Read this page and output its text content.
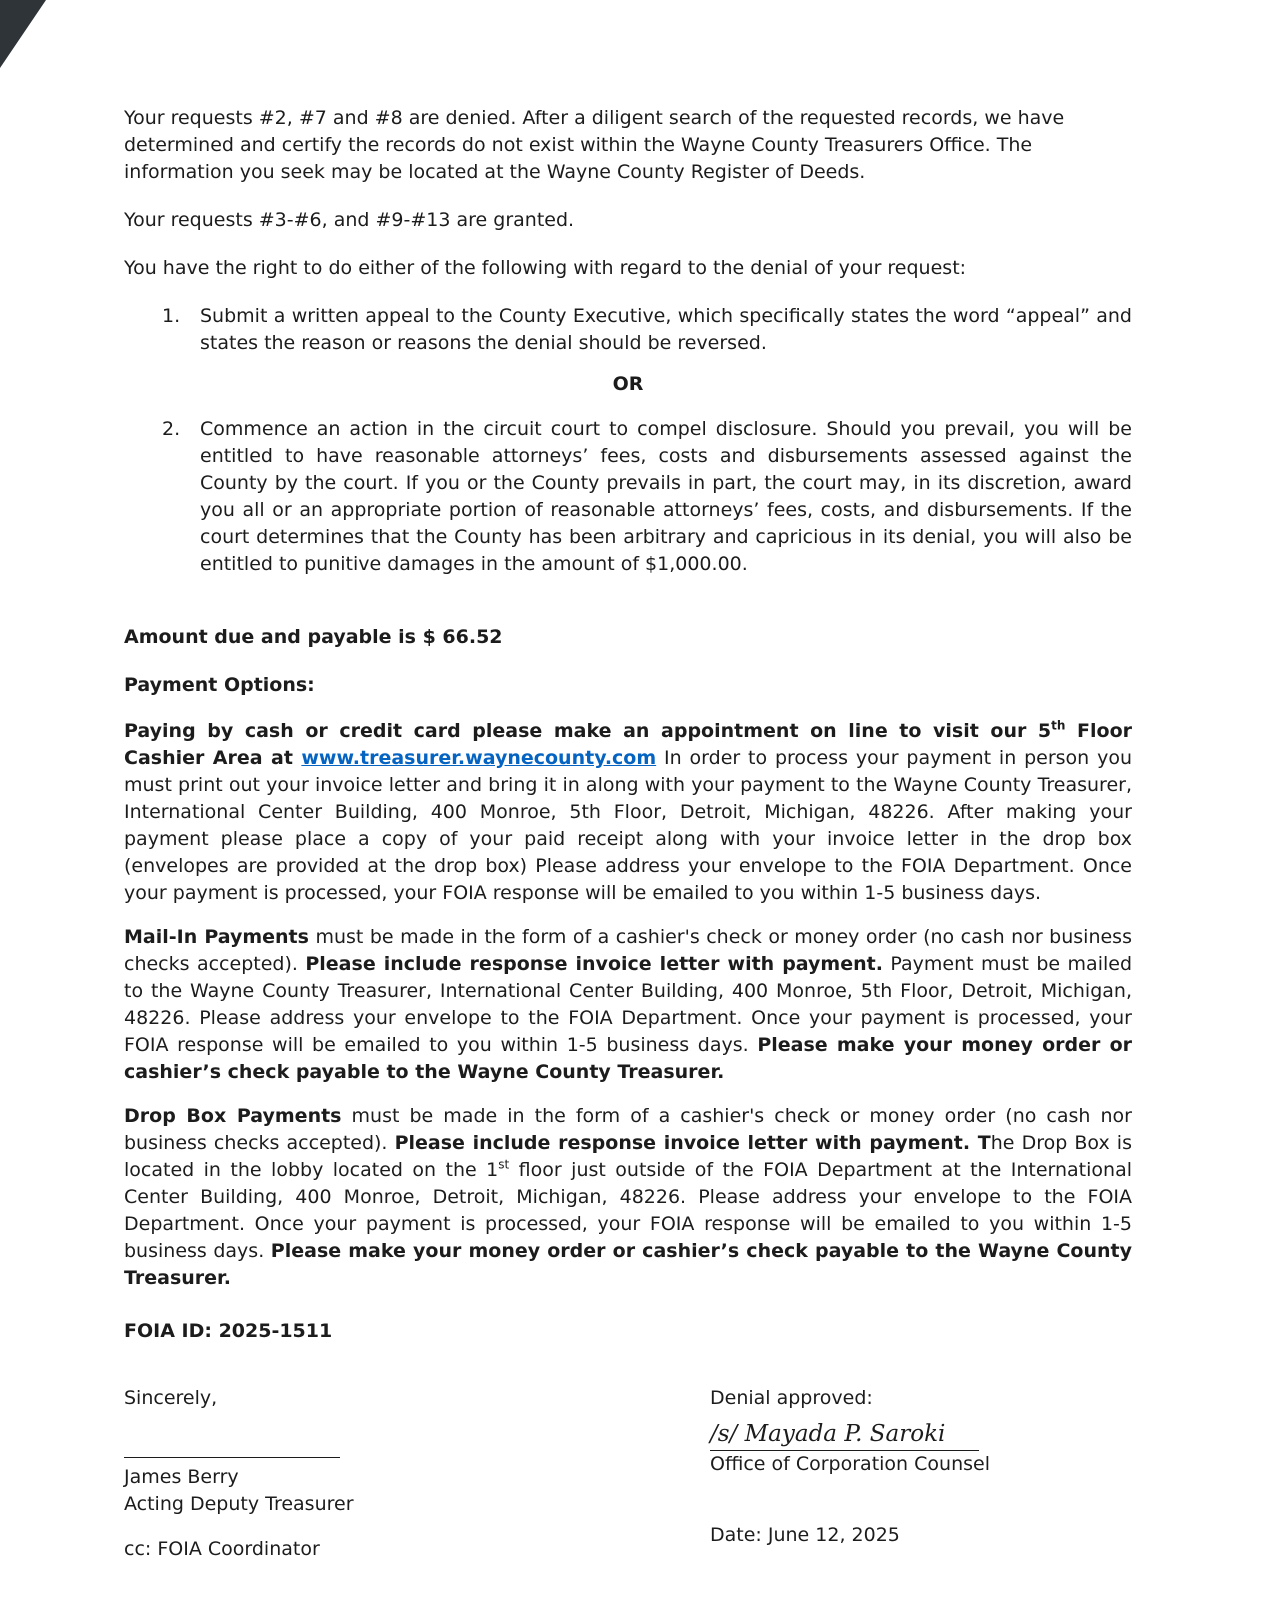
Your requests #2, #7 and #8 are denied. After a diligent search of the requested records, we have determined and certify the records do not exist within the Wayne County Treasurers Office. The information you seek may be located at the Wayne County Register of Deeds.

Your requests #3-#6, and #9-#13 are granted.

You have the right to do either of the following with regard to the denial of your request:

1.	Submit a written appeal to the County Executive, which specifically states the word “appeal” and states the reason or reasons the denial should be reversed.

OR

2.	Commence an action in the circuit court to compel disclosure. Should you prevail, you will be entitled to have reasonable attorneys’ fees, costs and disbursements assessed against the County by the court. If you or the County prevails in part, the court may, in its discretion, award you all or an appropriate portion of reasonable attorneys’ fees, costs, and disbursements. If the court determines that the County has been arbitrary and capricious in its denial, you will also be entitled to punitive damages in the amount of $1,000.00.

Amount due and payable is $ 66.52

Payment Options:

Paying by cash or credit card please make an appointment on line to visit our 5th Floor Cashier Area at www.treasurer.waynecounty.com In order to process your payment in person you must print out your invoice letter and bring it in along with your payment to the Wayne County Treasurer, International Center Building, 400 Monroe, 5th Floor, Detroit, Michigan, 48226. After making your payment please place a copy of your paid receipt along with your invoice letter in the drop box (envelopes are provided at the drop box) Please address your envelope to the FOIA Department. Once your payment is processed, your FOIA response will be emailed to you within 1-5 business days.

Mail-In Payments must be made in the form of a cashier's check or money order (no cash nor business checks accepted). Please include response invoice letter with payment. Payment must be mailed to the Wayne County Treasurer, International Center Building, 400 Monroe, 5th Floor, Detroit, Michigan, 48226. Please address your envelope to the FOIA Department. Once your payment is processed, your FOIA response will be emailed to you within 1-5 business days. Please make your money order or cashier’s check payable to the Wayne County Treasurer.

Drop Box Payments must be made in the form of a cashier's check or money order (no cash nor business checks accepted). Please include response invoice letter with payment. The Drop Box is located in the lobby located on the 1st floor just outside of the FOIA Department at the International Center Building, 400 Monroe, Detroit, Michigan, 48226. Please address your envelope to the FOIA Department. Once your payment is processed, your FOIA response will be emailed to you within 1-5 business days. Please make your money order or cashier’s check payable to the Wayne County Treasurer.

FOIA ID: 2025-1511

Sincerely,

James Berry

Acting Deputy Treasurer

cc: FOIA Coordinator

Denial approved:

/s/ Mayada P. Saroki

Office of Corporation Counsel

Date: June 12, 2025
